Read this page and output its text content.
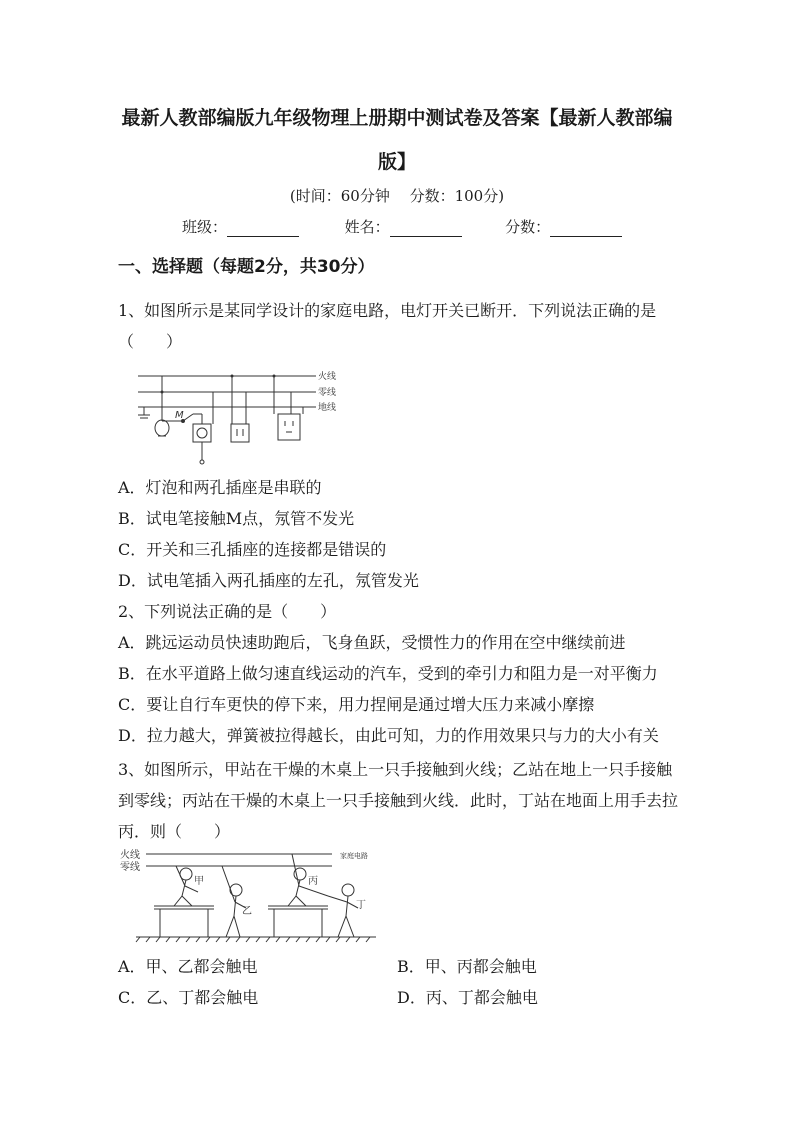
最新人教部编版九年级物理上册期中测试卷及答案【最新人教部编版】
(时间：60分钟　 分数：100分)
班级：	姓名：	分数：
一、选择题（每题2分，共30分）
1、如图所示是某同学设计的家庭电路，电灯开关已断开．下列说法正确的是（　　）
M
火线
零线
地线
A．灯泡和两孔插座是串联的
B．试电笔接触M点，氖管不发光
C．开关和三孔插座的连接都是错误的
D．试电笔插入两孔插座的左孔，氖管发光
2、下列说法正确的是（　　）
A．跳远运动员快速助跑后，飞身鱼跃，受惯性力的作用在空中继续前进
B．在水平道路上做匀速直线运动的汽车，受到的牵引力和阻力是一对平衡力
C．要让自行车更快的停下来，用力捏闸是通过增大压力来减小摩擦
D．拉力越大，弹簧被拉得越长，由此可知，力的作用效果只与力的大小有关
3、如图所示，甲站在干燥的木桌上一只手接触到火线；乙站在地上一只手接触到零线；丙站在干燥的木桌上一只手接触到火线．此时，丁站在地面上用手去拉丙．则（　　）
火线
零线
家庭电路
甲
乙
丙
丁
A．甲、乙都会触电	B．甲、丙都会触电
C．乙、丁都会触电	D．丙、丁都会触电
